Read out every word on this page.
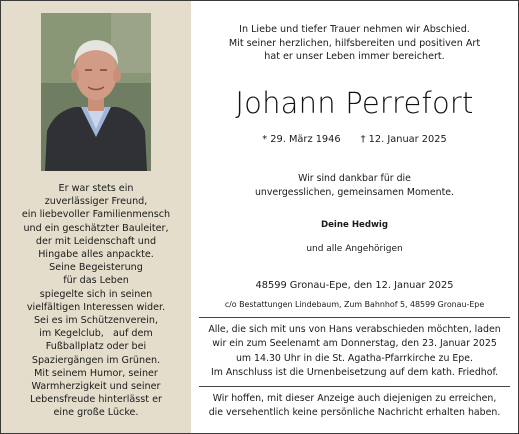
Er war stets ein
zuverlässiger Freund,
ein liebevoller Familienmensch
und ein geschätzter Bauleiter,
der mit Leidenschaft und
Hingabe alles anpackte.
Seine Begeisterung
für das Leben
spiegelte sich in seinen
vielfältigen Interessen wider.
Sei es im Schützenverein,
im Kegelclub,   auf dem
Fußballplatz oder bei
Spaziergängen im Grünen.
Mit seinem Humor, seiner
Warmherzigkeit und seiner
Lebensfreude hinterlässt er
eine große Lücke.
In Liebe und tiefer Trauer nehmen wir Abschied.
Mit seiner herzlichen, hilfsbereiten und positiven Art
hat er unser Leben immer bereichert.
Johann Perrefort
* 29. März 1946 † 12. Januar 2025
Wir sind dankbar für die
unvergesslichen, gemeinsamen Momente.
Deine Hedwig
und alle Angehörigen
48599 Gronau-Epe, den 12. Januar 2025
c/o Bestattungen Lindebaum, Zum Bahnhof 5, 48599 Gronau-Epe
Alle, die sich mit uns von Hans verabschieden möchten, laden
wir ein zum Seelenamt am Donnerstag, den 23. Januar 2025
um 14.30 Uhr in die St. Agatha-Pfarrkirche zu Epe.
Im Anschluss ist die Urnenbeisetzung auf dem kath. Friedhof.
Wir hoffen, mit dieser Anzeige auch diejenigen zu erreichen,
die versehentlich keine persönliche Nachricht erhalten haben.
